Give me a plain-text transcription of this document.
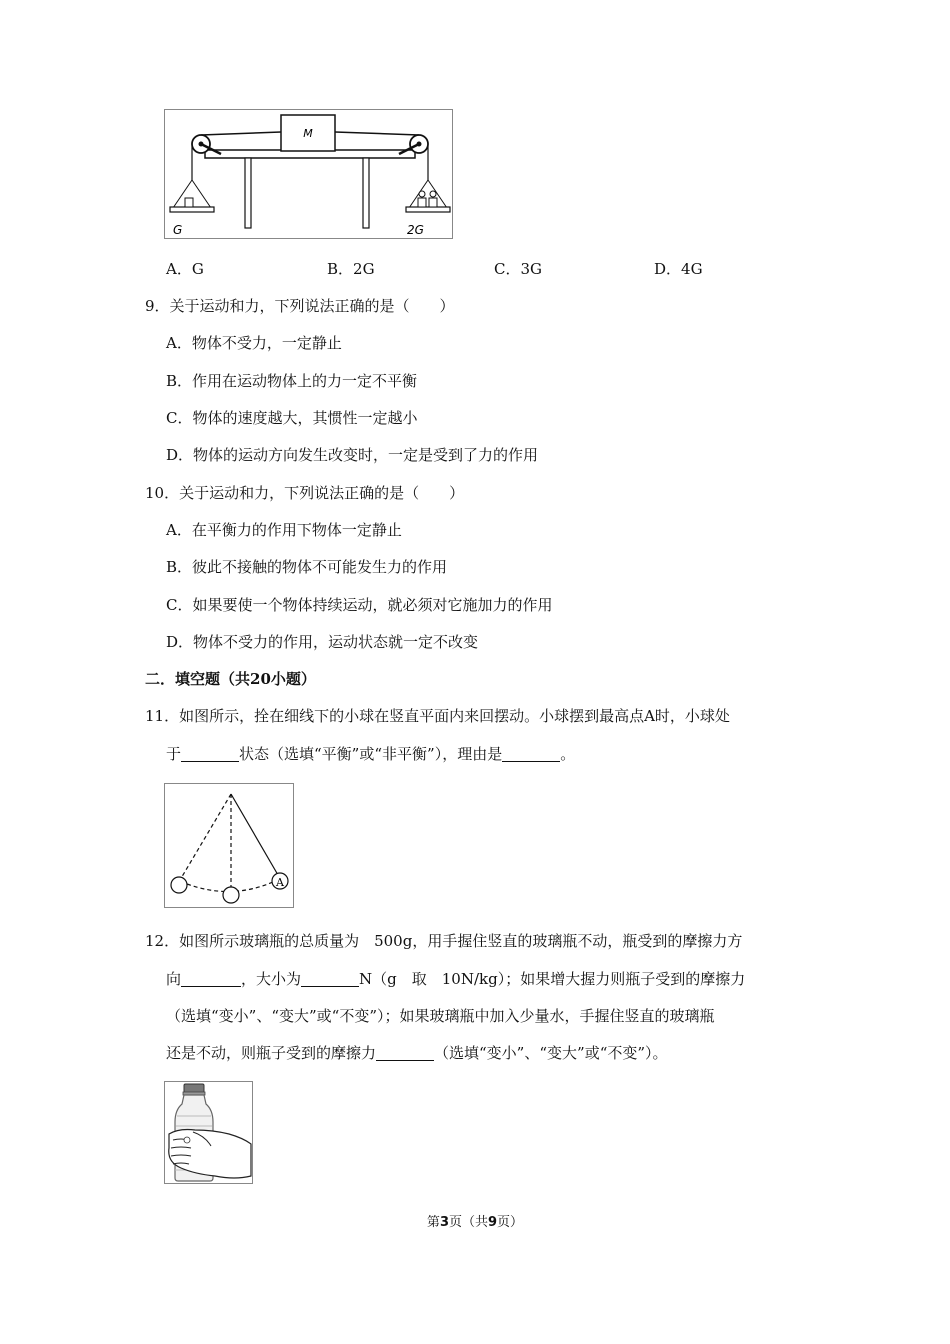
M
G	2G
A．G	B．2G	C．3G	D．4G
9．关于运动和力，下列说法正确的是（　　）
A．物体不受力，一定静止
B．作用在运动物体上的力一定不平衡
C．物体的速度越大，其惯性一定越小
D．物体的运动方向发生改变时，一定是受到了力的作用
10．关于运动和力，下列说法正确的是（　　）
A．在平衡力的作用下物体一定静止
B．彼此不接触的物体不可能发生力的作用
C．如果要使一个物体持续运动，就必须对它施加力的作用
D．物体不受力的作用，运动状态就一定不改变
二．填空题（共20小题）
11．如图所示，拴在细线下的小球在竖直平面内来回摆动。小球摆到最高点A时，小球处
于	状态（选填“平衡”或“非平衡”），理由是	。
A
12．如图所示玻璃瓶的总质量为　500g，用手握住竖直的玻璃瓶不动，瓶受到的摩擦力方
向	，大小为	N（g　取　10N/kg）；如果增大握力则瓶子受到的摩擦力
（选填“变小”、“变大”或“不变”）；如果玻璃瓶中加入少量水，手握住竖直的玻璃瓶
还是不动，则瓶子受到的摩擦力	（选填“变小”、“变大”或“不变”）。
第3页（共9页）
